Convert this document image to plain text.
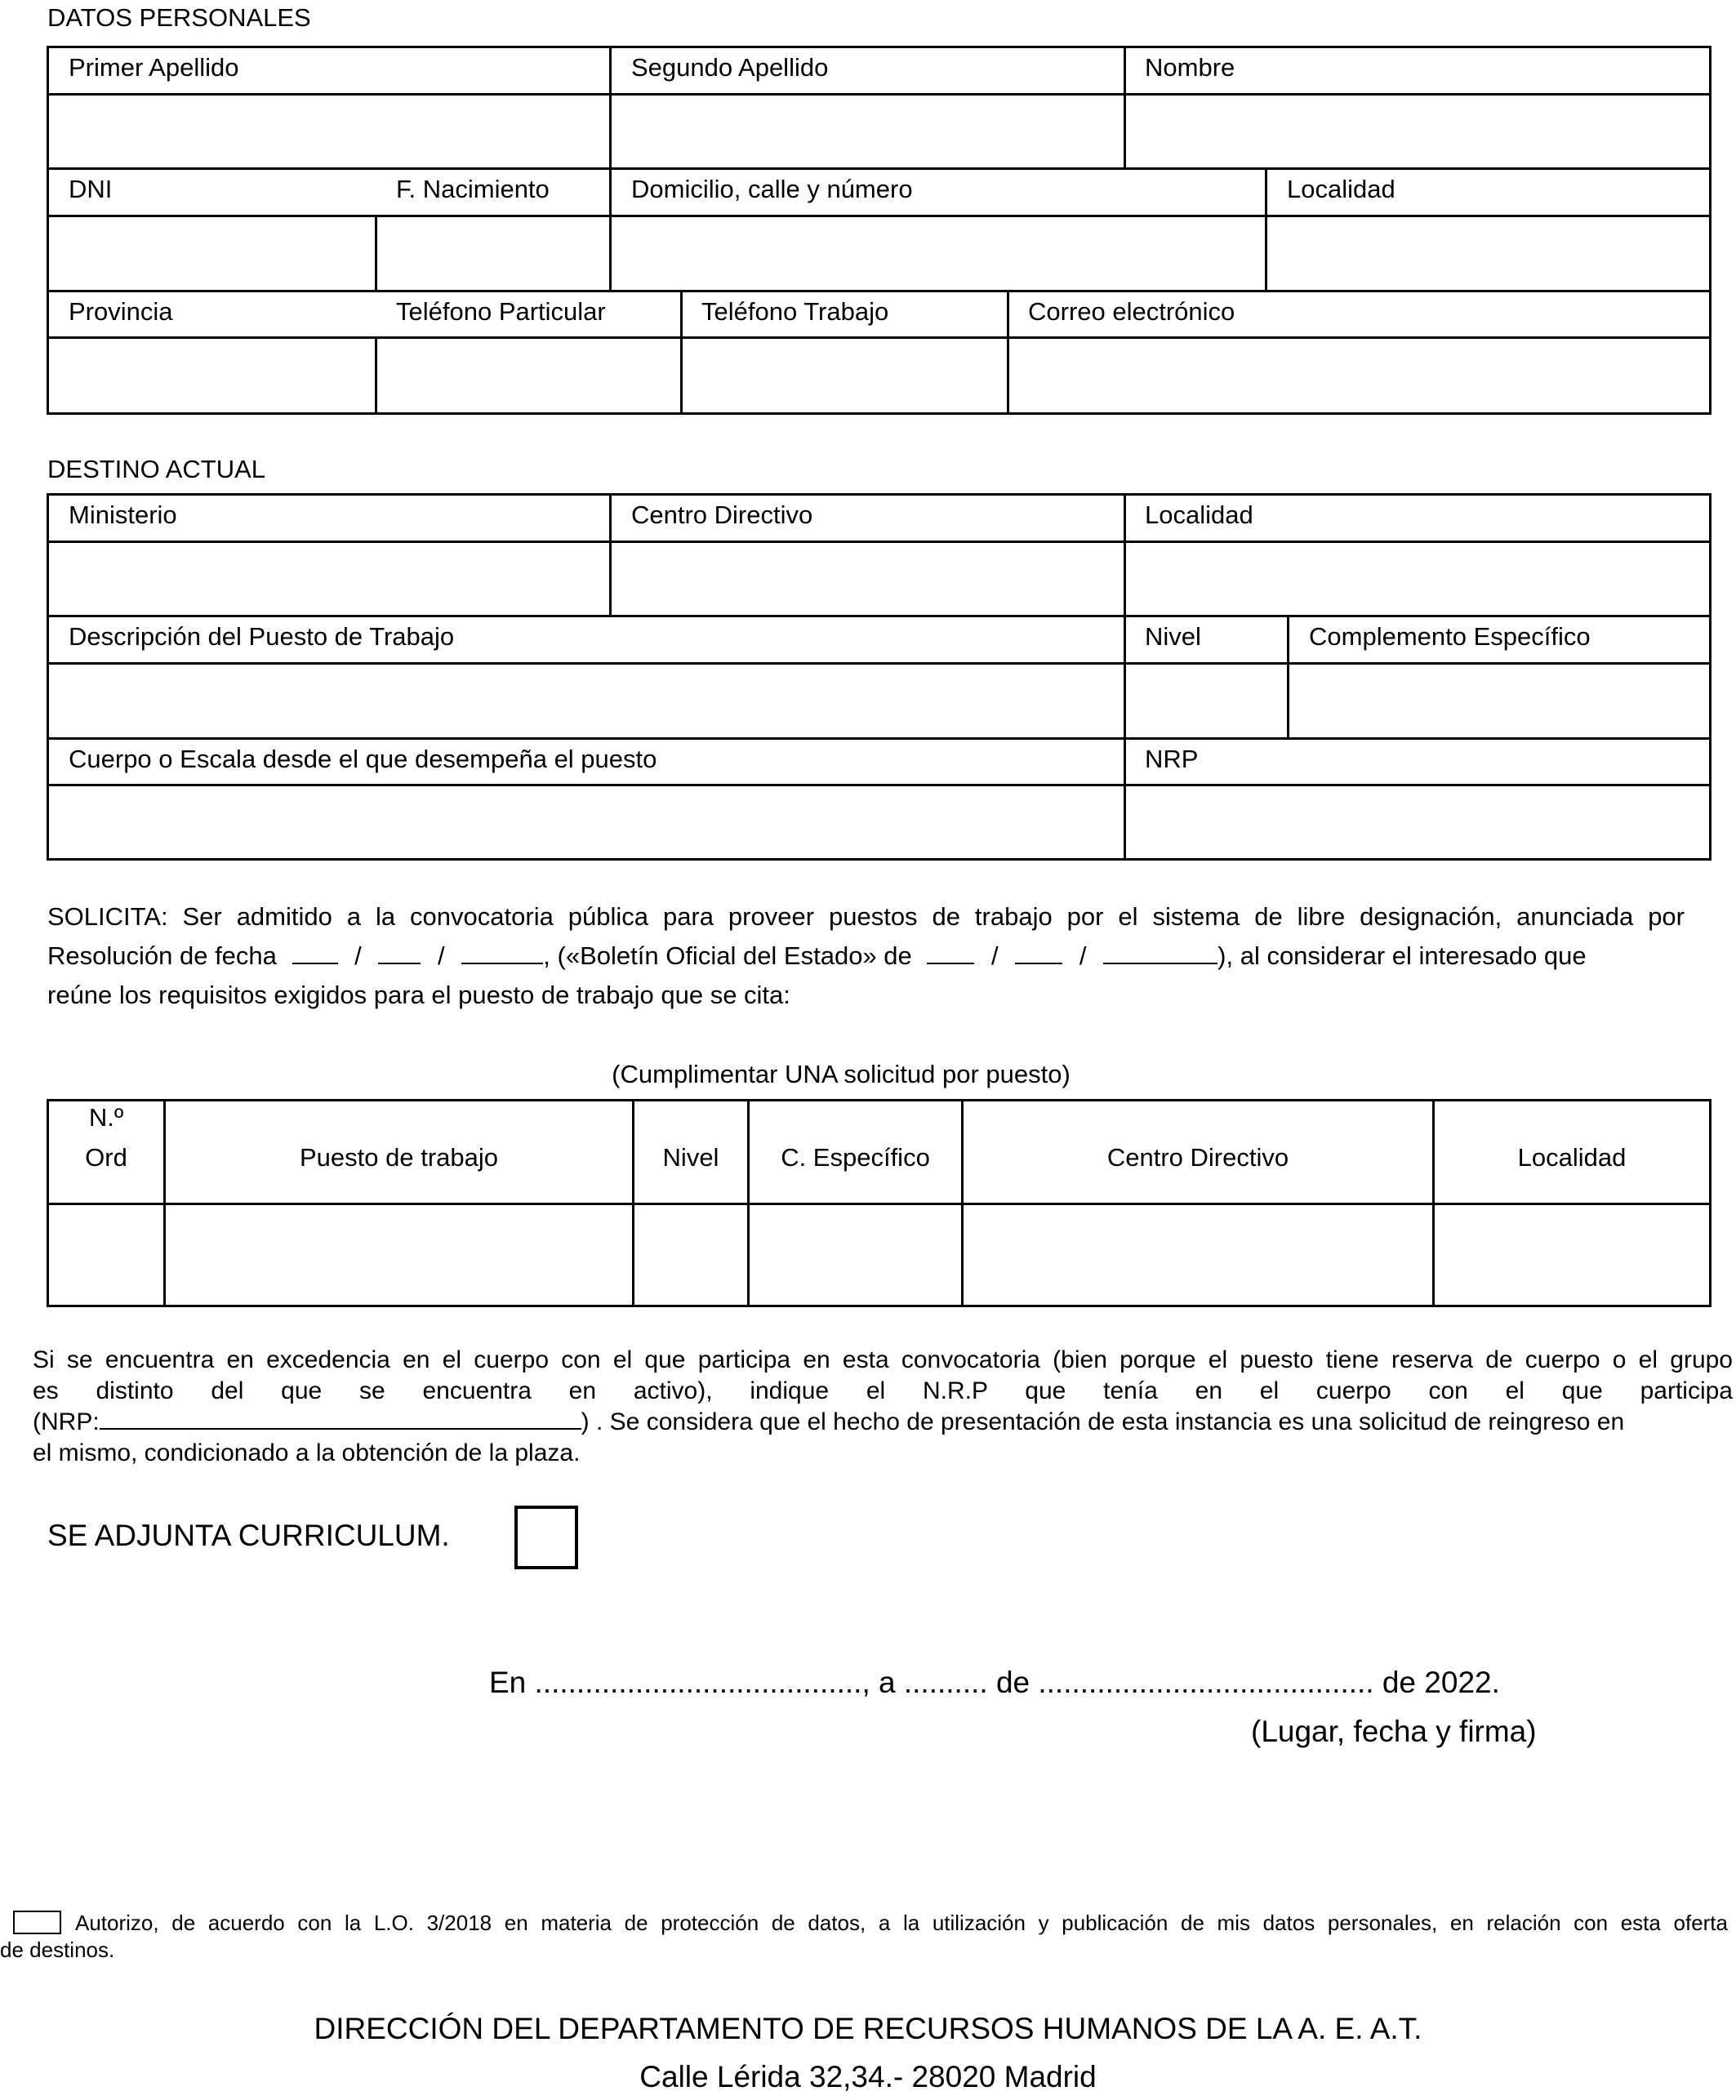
DATOS PERSONALES
Primer Apellido	Segundo Apellido	Nombre
DNI	F. Nacimiento	Domicilio, calle y número	Localidad
Provincia	Teléfono Particular	Teléfono Trabajo	Correo electrónico
DESTINO ACTUAL
Ministerio	Centro Directivo	Localidad
Descripción del Puesto de Trabajo	Nivel	Complemento Específico
Cuerpo o Escala desde el que desempeña el puesto	NRP
SOLICITA: Ser admitido a la convocatoria pública para proveer puestos de trabajo por el sistema de libre designación, anunciada por
Resolución de fecha	/	/	, («Boletín Oficial del Estado» de	/	/	), al considerar el interesado que
reúne los requisitos exigidos para el puesto de trabajo que se cita:
(Cumplimentar UNA solicitud por puesto)
N.º
Ord	Puesto de trabajo	Nivel	C. Específico	Centro Directivo	Localidad
Si se encuentra en excedencia en el cuerpo con el que participa en esta convocatoria (bien porque el puesto tiene reserva de cuerpo o el grupo
es distinto del que se encuentra en activo), indique el N.R.P que tenía en el cuerpo con el que participa
(NRP:	) . Se considera que el hecho de presentación de esta instancia es una solicitud de reingreso en
el mismo, condicionado a la obtención de la plaza.
SE ADJUNTA CURRICULUM.
En ......................................., a .......... de ........................................ de 2022.
(Lugar, fecha y firma)
Autorizo, de acuerdo con la L.O. 3/2018 en materia de protección de datos, a la utilización y publicación de mis datos personales, en relación con esta oferta
de destinos.
DIRECCIÓN DEL DEPARTAMENTO DE RECURSOS HUMANOS DE LA A. E. A.T.
Calle Lérida 32,34.- 28020 Madrid
